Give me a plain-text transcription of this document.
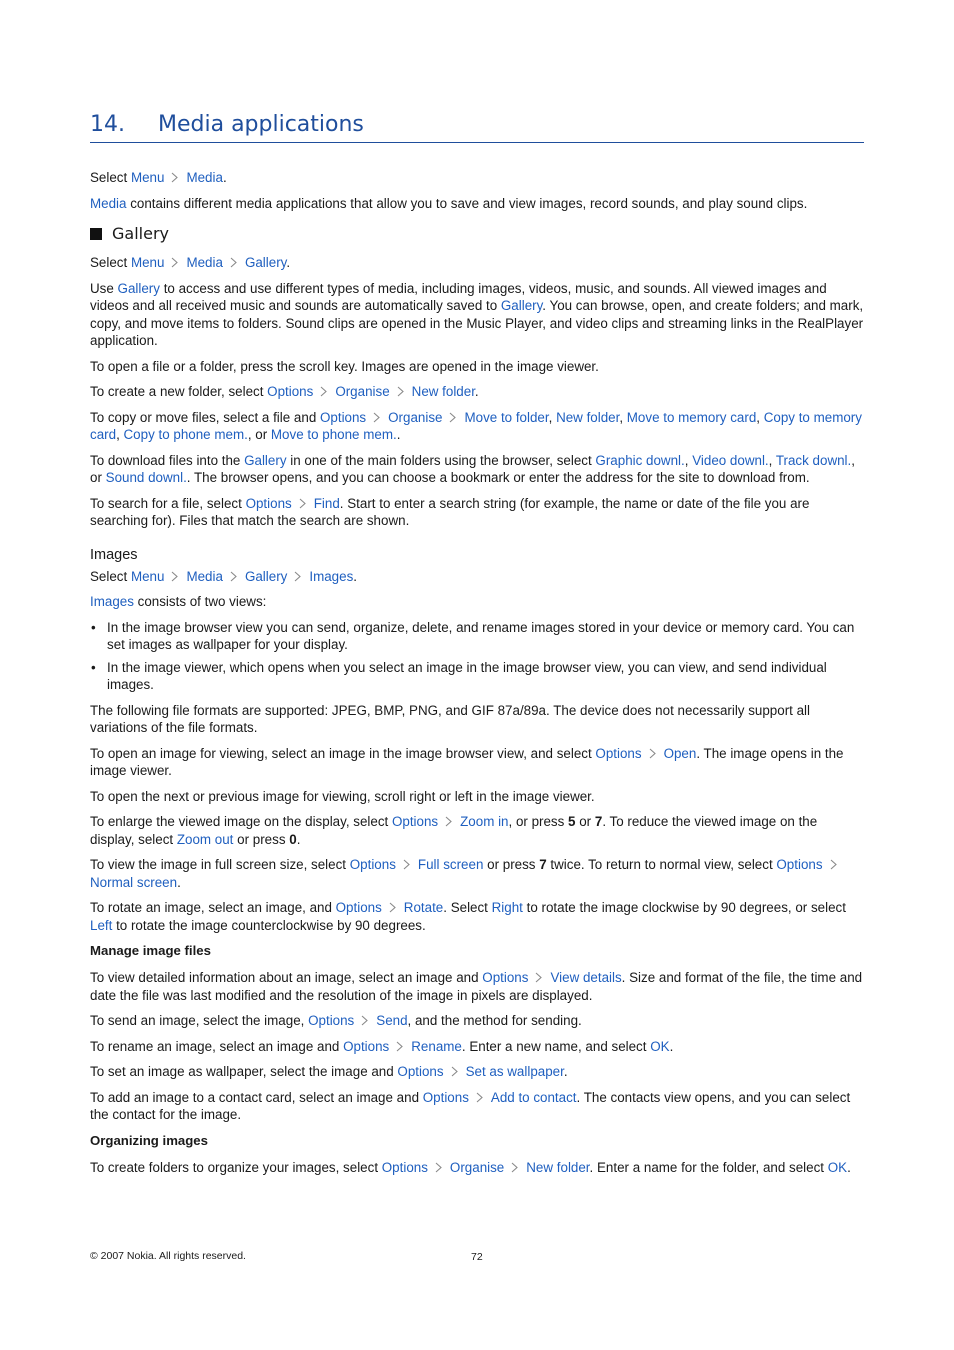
14. Media applications

Select Menu Media.

Media contains different media applications that allow you to save and view images, record sounds, and play sound clips.

Gallery

Select Menu Media Gallery.

Use Gallery to access and use different types of media, including images, videos, music, and sounds. All viewed images and videos and all received music and sounds are automatically saved to Gallery. You can browse, open, and create folders; and mark, copy, and move items to folders. Sound clips are opened in the Music Player, and video clips and streaming links in the RealPlayer application.

To open a file or a folder, press the scroll key. Images are opened in the image viewer.

To create a new folder, select Options Organise New folder.

To copy or move files, select a file and Options Organise Move to folder, New folder, Move to memory card, Copy to memory card, Copy to phone mem., or Move to phone mem..

To download files into the Gallery in one of the main folders using the browser, select Graphic downl., Video downl., Track downl., or Sound downl.. The browser opens, and you can choose a bookmark or enter the address for the site to download from.

To search for a file, select Options Find. Start to enter a search string (for example, the name or date of the file you are searching for). Files that match the search are shown.

Images

Select Menu Media Gallery Images.

Images consists of two views:

• In the image browser view you can send, organize, delete, and rename images stored in your device or memory card. You can set images as wallpaper for your display.
• In the image viewer, which opens when you select an image in the image browser view, you can view, and send individual images.

The following file formats are supported: JPEG, BMP, PNG, and GIF 87a/89a. The device does not necessarily support all variations of the file formats.

To open an image for viewing, select an image in the image browser view, and select Options Open. The image opens in the image viewer.

To open the next or previous image for viewing, scroll right or left in the image viewer.

To enlarge the viewed image on the display, select Options Zoom in, or press 5 or 7. To reduce the viewed image on the display, select Zoom out or press 0.

To view the image in full screen size, select Options Full screen or press 7 twice. To return to normal view, select Options
Normal screen.

To rotate an image, select an image, and Options Rotate. Select Right to rotate the image clockwise by 90 degrees, or select Left to rotate the image counterclockwise by 90 degrees.

Manage image files

To view detailed information about an image, select an image and Options View details. Size and format of the file, the time and date the file was last modified and the resolution of the image in pixels are displayed.

To send an image, select the image, Options Send, and the method for sending.

To rename an image, select an image and Options Rename. Enter a new name, and select OK.

To set an image as wallpaper, select the image and Options Set as wallpaper.

To add an image to a contact card, select an image and Options Add to contact. The contacts view opens, and you can select the contact for the image.

Organizing images

To create folders to organize your images, select Options Organise New folder. Enter a name for the folder, and select OK.

© 2007 Nokia. All rights reserved.	72
